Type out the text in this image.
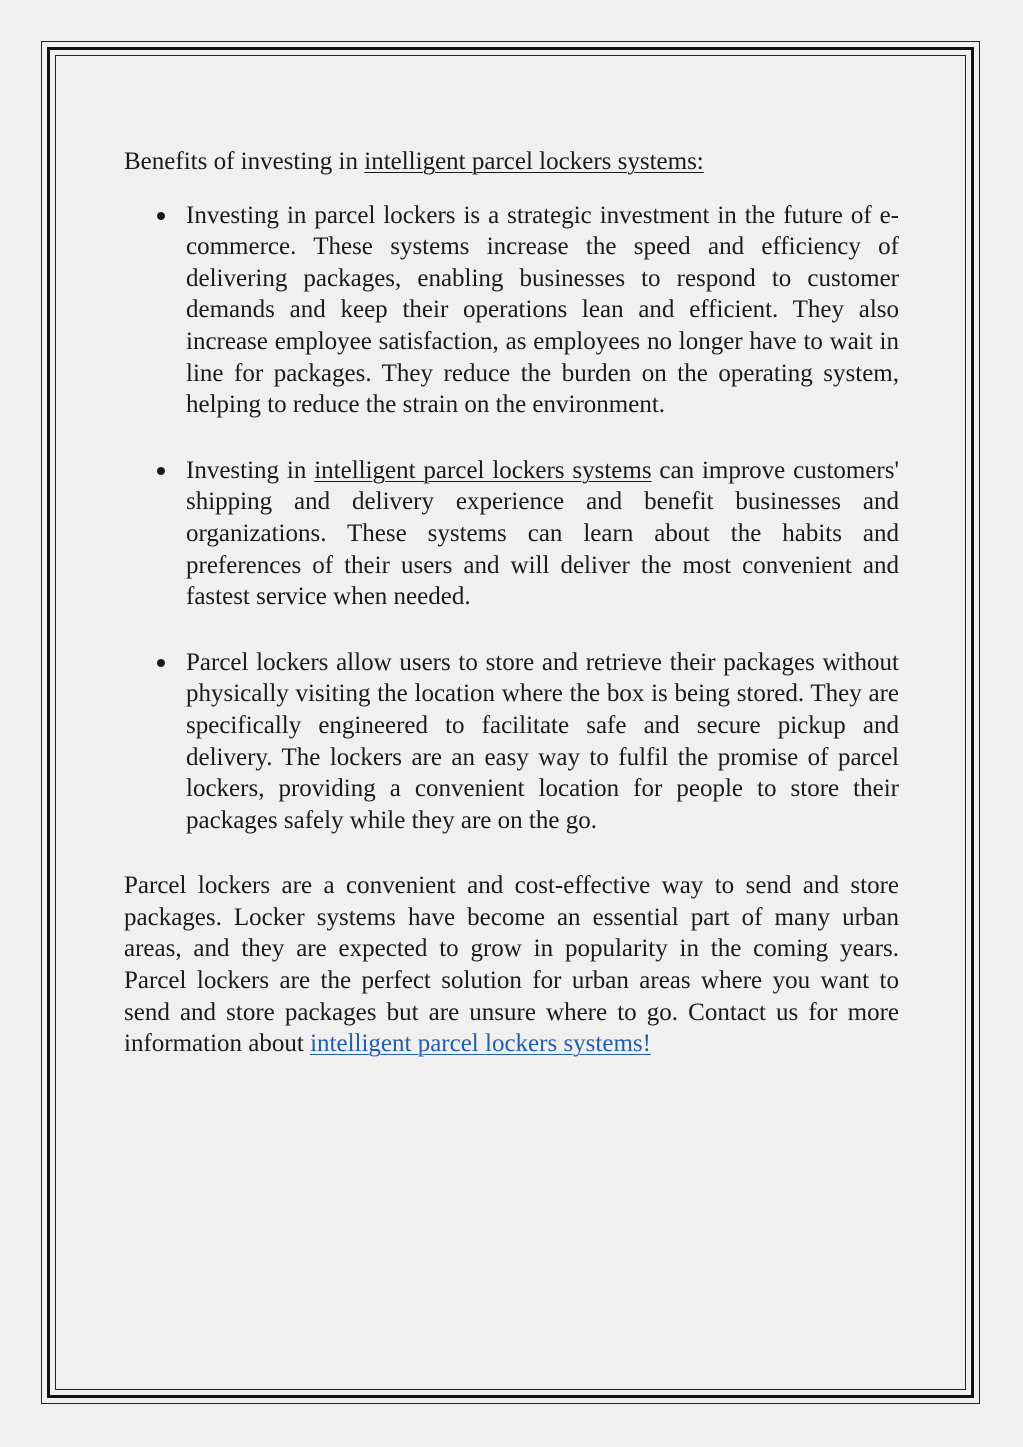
Benefits of investing in intelligent parcel lockers systems:

Investing in parcel lockers is a strategic investment in the future of e-commerce. These systems increase the speed and efficiency of delivering packages, enabling businesses to respond to customer demands and keep their operations lean and efficient. They also increase employee satisfaction, as employees no longer have to wait in line for packages. They reduce the burden on the operating system, helping to reduce the strain on the environment.
Investing in intelligent parcel lockers systems can improve customers' shipping and delivery experience and benefit businesses and organizations. These systems can learn about the habits and preferences of their users and will deliver the most convenient and fastest service when needed.
Parcel lockers allow users to store and retrieve their packages without physically visiting the location where the box is being stored. They are specifically engineered to facilitate safe and secure pickup and delivery. The lockers are an easy way to fulfil the promise of parcel lockers, providing a convenient location for people to store their packages safely while they are on the go.

Parcel lockers are a convenient and cost-effective way to send and store packages. Locker systems have become an essential part of many urban areas, and they are expected to grow in popularity in the coming years. Parcel lockers are the perfect solution for urban areas where you want to send and store packages but are unsure where to go. Contact us for more information about intelligent parcel lockers systems!
